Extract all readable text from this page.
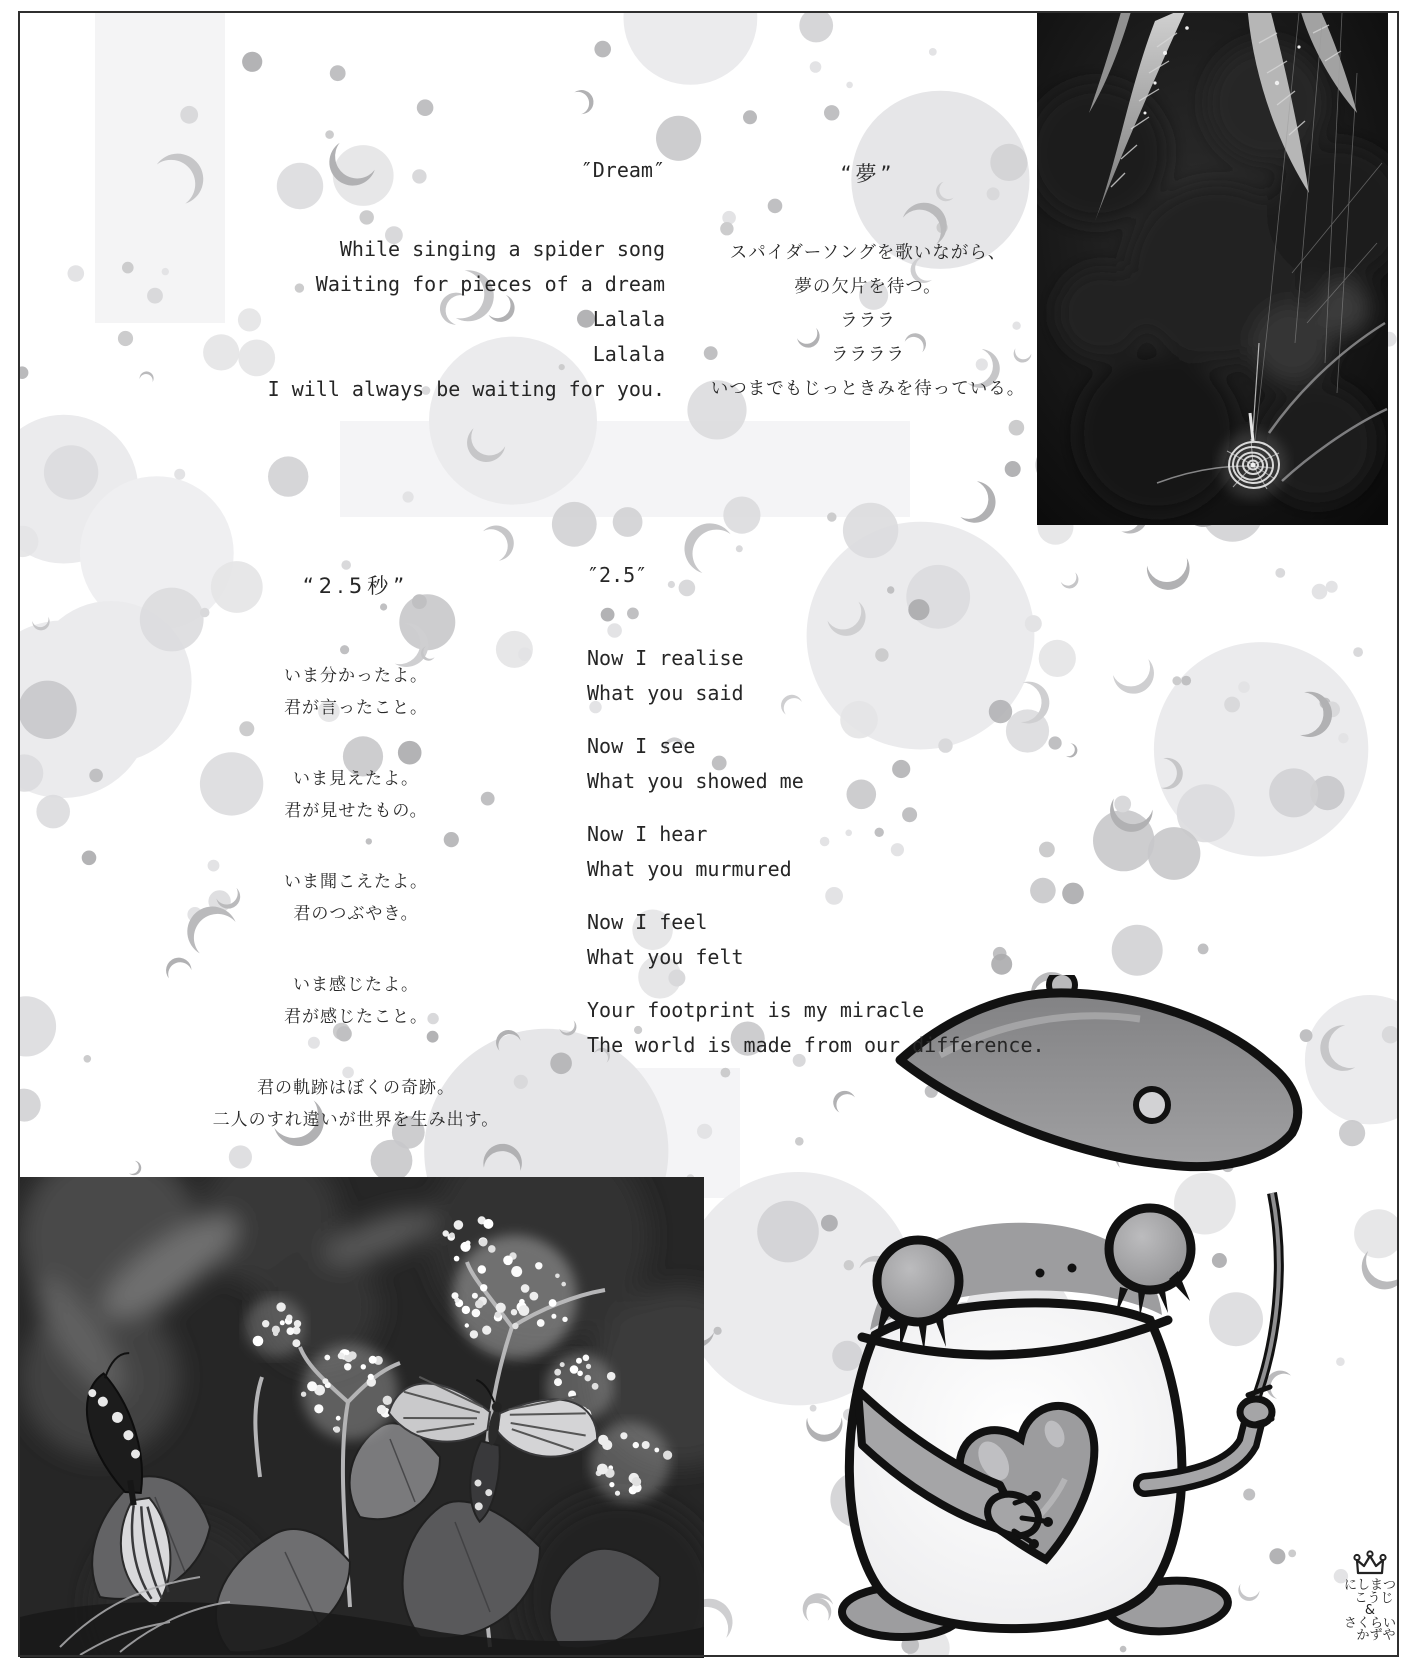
″Dream″
While singing a spider song
Waiting for pieces of a dream
Lalala
Lalala
I will always be waiting for you.
“夢”
スパイダーソングを歌いながら、
夢の欠片を待つ。
ラララ
ララララ
いつまでもじっときみを待っている。
“2.5秒”
いま分かったよ。
君が言ったこと。
いま見えたよ。
君が見せたもの。
いま聞こえたよ。
君のつぶやき。
いま感じたよ。
君が感じたこと。
君の軌跡はぼくの奇跡。
二人のすれ違いが世界を生み出す。
″2.5″
Now I realise
What you said
Now I see
What you showed me
Now I hear
What you murmured
Now I feel
What you felt
Your footprint is my miracle
The world is made from our difference.
にしまつ
こうじ
&
さくらい
かずや
